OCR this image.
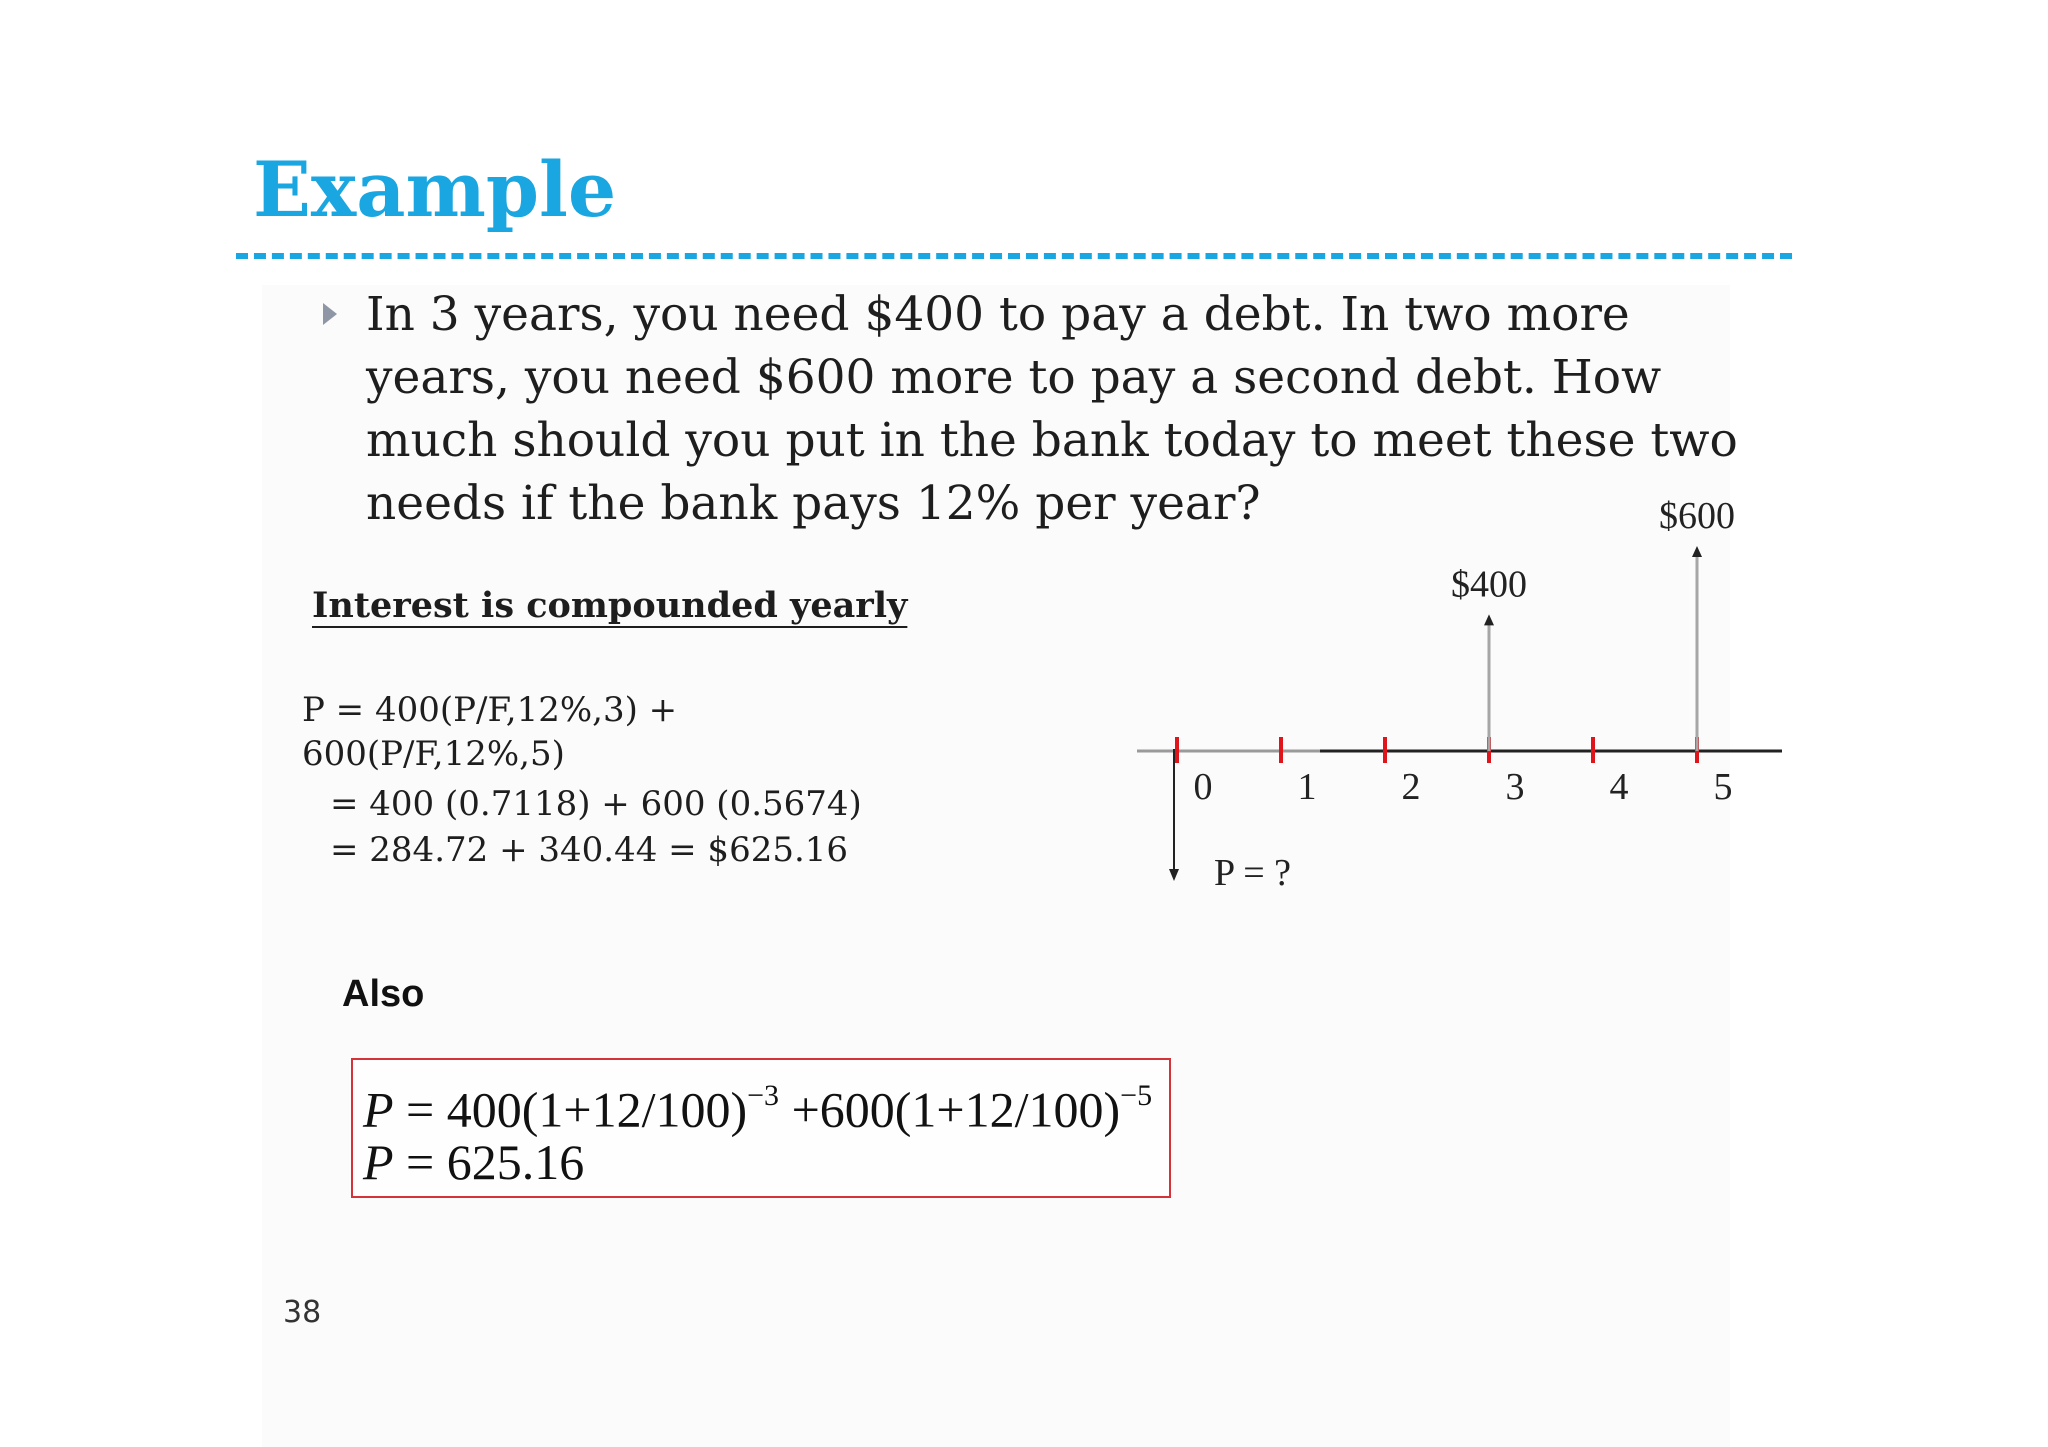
Example

In 3 years, you need $400 to pay a debt. In two more years, you need $600 more to pay a second debt. How much should you put in the bank today to meet these two needs if the bank pays 12% per year?

Interest is compounded yearly
P = 400(P/F,12%,3) +
600(P/F,12%,5)
= 400 (0.7118) + 600 (0.5674)
= 284.72 + 340.44 = $625.16
0 1 2 3 4 5
$400
$600
P = ?
Also
$P = 400(1+12/100)^{-3} +600(1+12/100)^{-5}$
P = 625.16
38
